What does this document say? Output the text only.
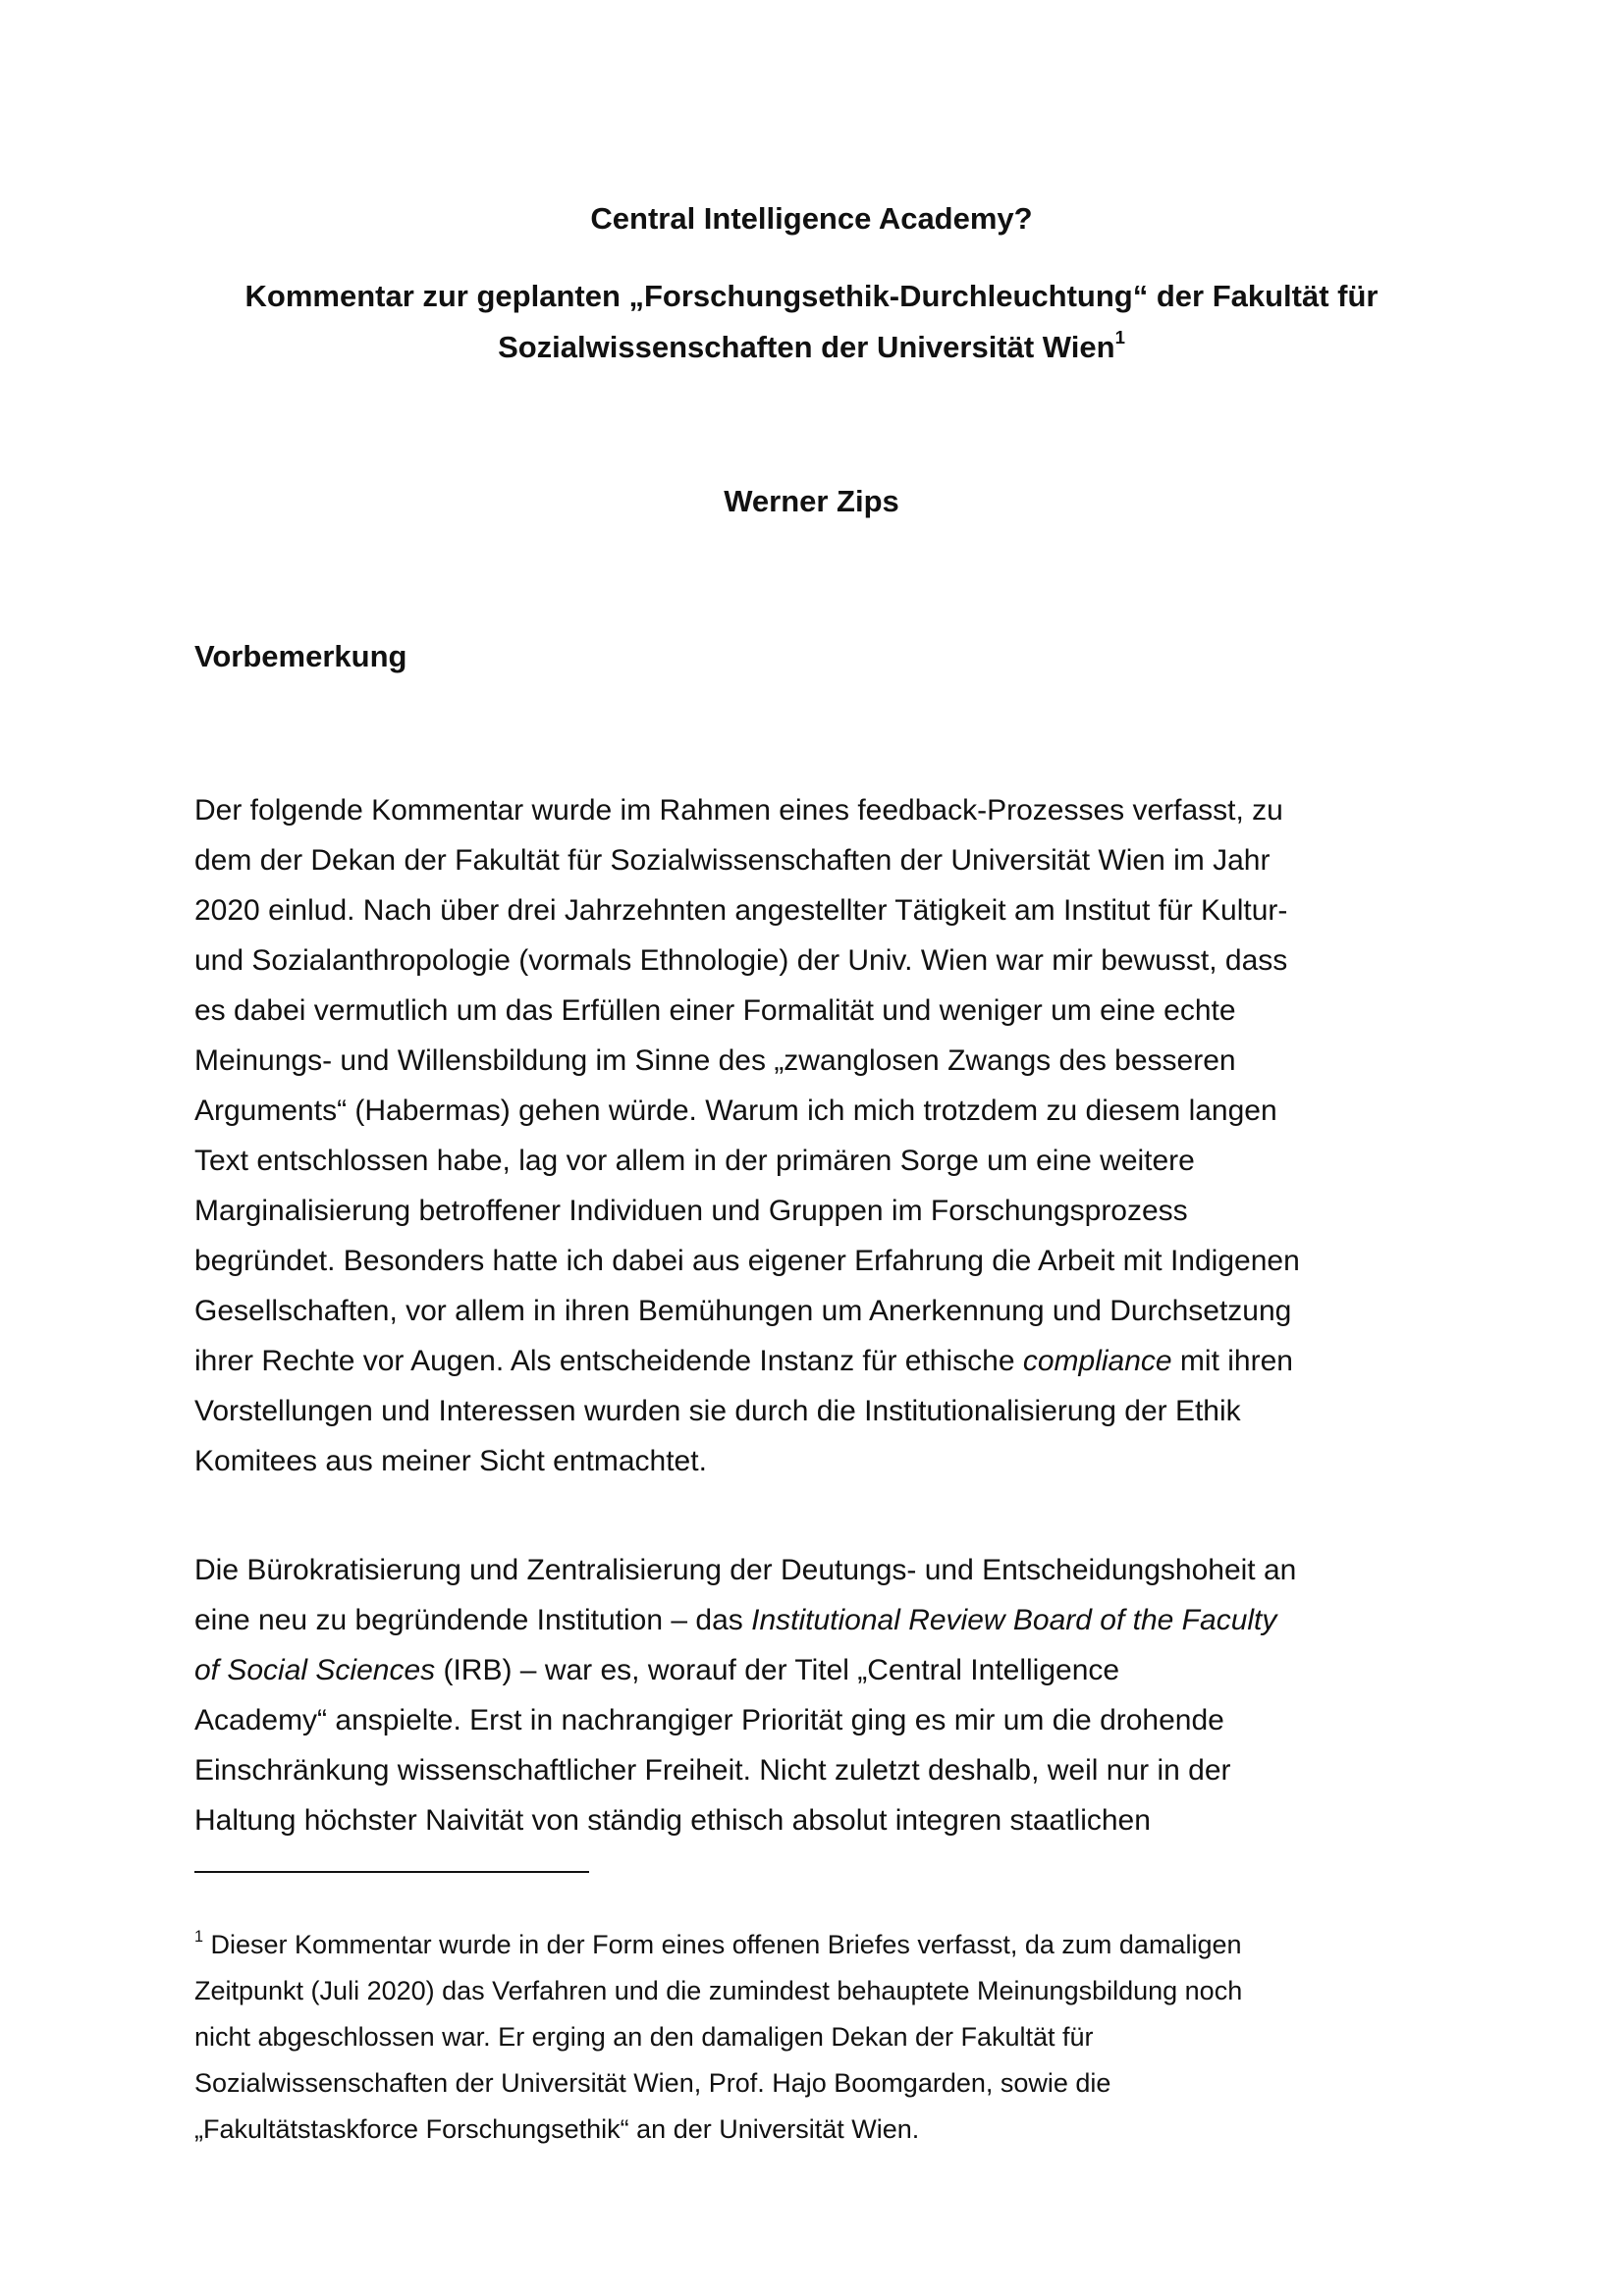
Central Intelligence Academy?
Kommentar zur geplanten „Forschungsethik-Durchleuchtung“ der Fakultät für
Sozialwissenschaften der Universität Wien$^1$
Werner Zips
Vorbemerkung
Der folgende Kommentar wurde im Rahmen eines feedback-Prozesses verfasst, zu
dem der Dekan der Fakultät für Sozialwissenschaften der Universität Wien im Jahr
2020 einlud. Nach über drei Jahrzehnten angestellter Tätigkeit am Institut für Kultur-
und Sozialanthropologie (vormals Ethnologie) der Univ. Wien war mir bewusst, dass
es dabei vermutlich um das Erfüllen einer Formalität und weniger um eine echte
Meinungs- und Willensbildung im Sinne des „zwanglosen Zwangs des besseren
Arguments“ (Habermas) gehen würde. Warum ich mich trotzdem zu diesem langen
Text entschlossen habe, lag vor allem in der primären Sorge um eine weitere
Marginalisierung betroffener Individuen und Gruppen im Forschungsprozess
begründet. Besonders hatte ich dabei aus eigener Erfahrung die Arbeit mit Indigenen
Gesellschaften, vor allem in ihren Bemühungen um Anerkennung und Durchsetzung
ihrer Rechte vor Augen. Als entscheidende Instanz für ethische compliance mit ihren
Vorstellungen und Interessen wurden sie durch die Institutionalisierung der Ethik
Komitees aus meiner Sicht entmachtet.
Die Bürokratisierung und Zentralisierung der Deutungs- und Entscheidungshoheit an
eine neu zu begründende Institution – das Institutional Review Board of the Faculty
of Social Sciences (IRB) – war es, worauf der Titel „Central Intelligence
Academy“ anspielte. Erst in nachrangiger Priorität ging es mir um die drohende
Einschränkung wissenschaftlicher Freiheit. Nicht zuletzt deshalb, weil nur in der
Haltung höchster Naivität von ständig ethisch absolut integren staatlichen
$^1$ Dieser Kommentar wurde in der Form eines offenen Briefes verfasst, da zum damaligen
Zeitpunkt (Juli 2020) das Verfahren und die zumindest behauptete Meinungsbildung noch
nicht abgeschlossen war. Er erging an den damaligen Dekan der Fakultät für
Sozialwissenschaften der Universität Wien, Prof. Hajo Boomgarden, sowie die
„Fakultätstaskforce Forschungsethik“ an der Universität Wien.
